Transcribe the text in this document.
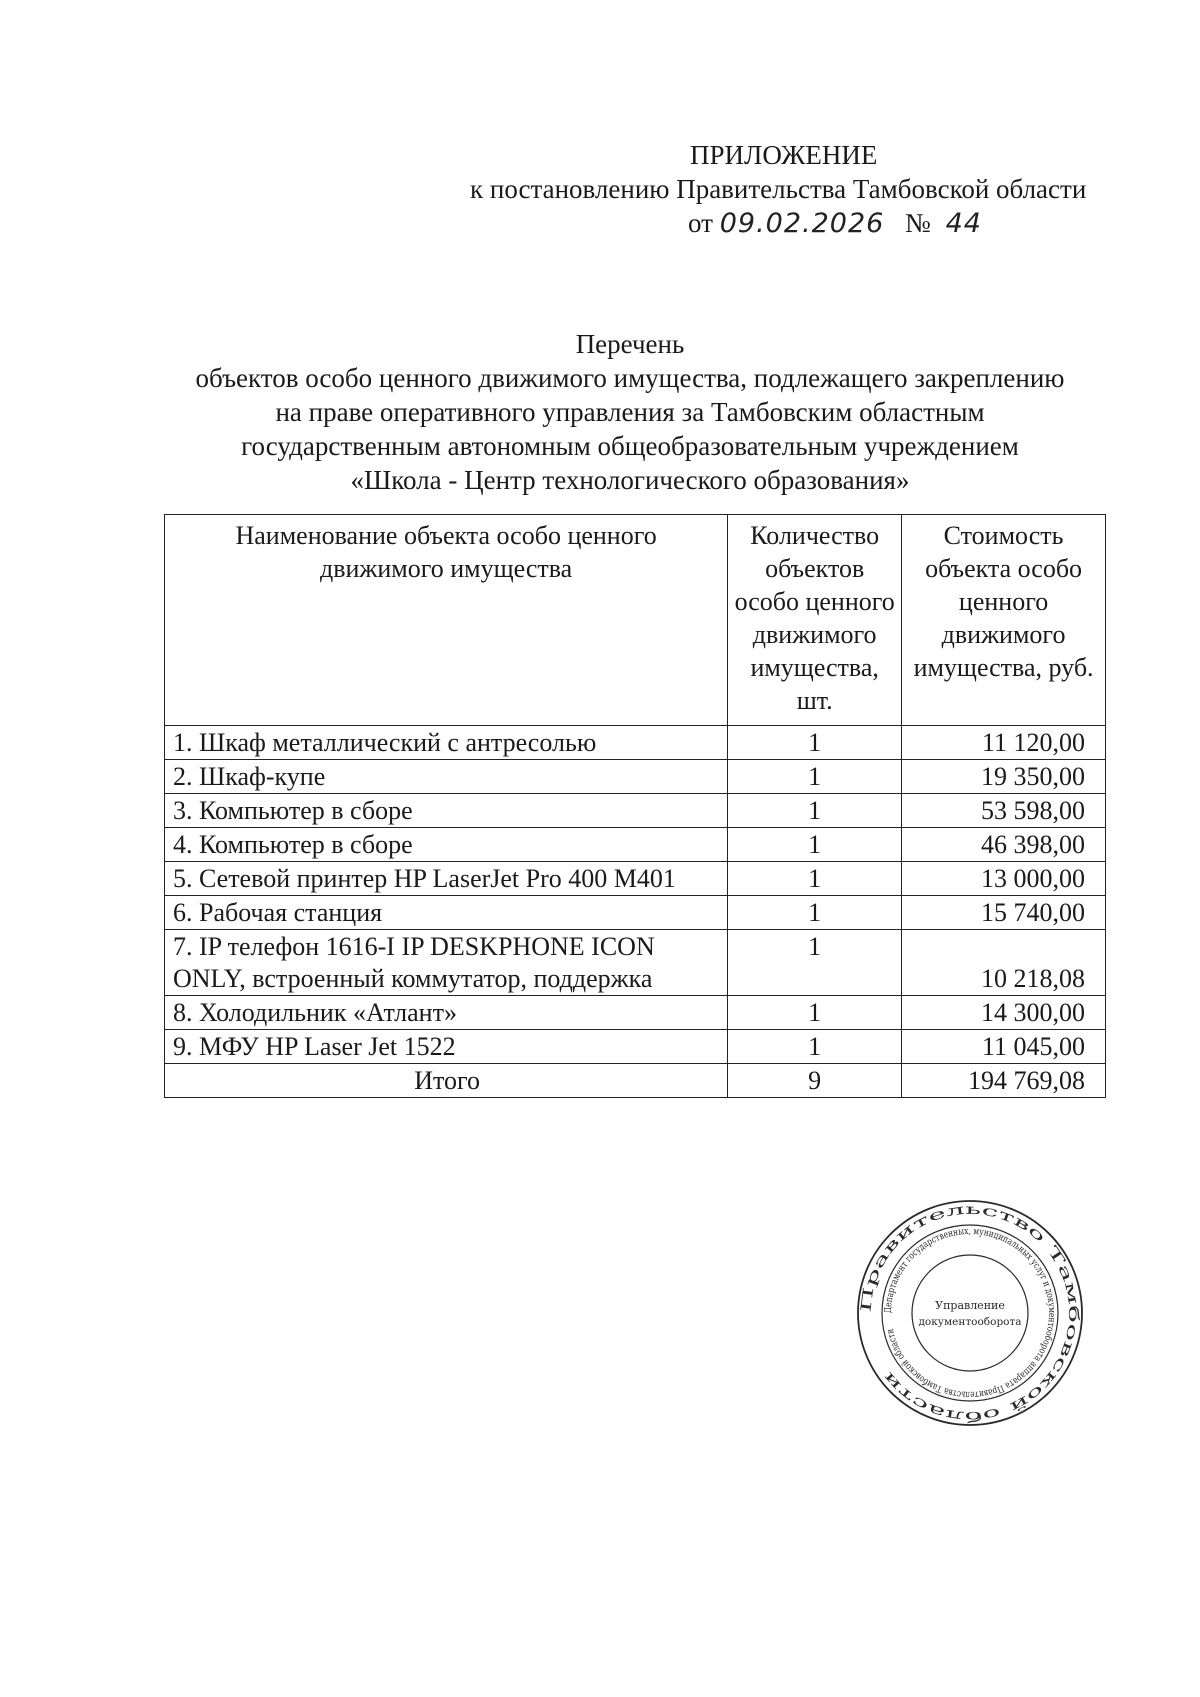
ПРИЛОЖЕНИЕ
к постановлению Правительства Тамбовской области
от 09.02.2026 № 44
Перечень
объектов особо ценного движимого имущества, подлежащего закреплению
на праве оперативного управления за Тамбовским областным
государственным автономным общеобразовательным учреждением
«Школа - Центр технологического образования»
Наименование объекта особо ценного движимого имущества	Количество объектов особо ценного движимого имущества, шт.	Стоимость объекта особо ценного движимого имущества, руб.
1. Шкаф металлический с антресолью	1	11 120,00
2. Шкаф-купе	1	19 350,00
3. Компьютер в сборе	1	53 598,00
4. Компьютер в сборе	1	46 398,00
5. Сетевой принтер HP LaserJet Pro 400 M401	1	13 000,00
6. Рабочая станция	1	15 740,00
7. IP телефон 1616-I IP DESKPHONE ICON ONLY, встроенный коммутатор, поддержка	1	10 218,08
8. Холодильник «Атлант»	1	14 300,00
9. МФУ HP Laser Jet 1522	1	11 045,00
Итого	9	194 769,08
Правительство Тамбовской области
Департамент государственных, муниципальных услуг и документооборота аппарата Правительства Тамбовской области
Управление
документооборота
